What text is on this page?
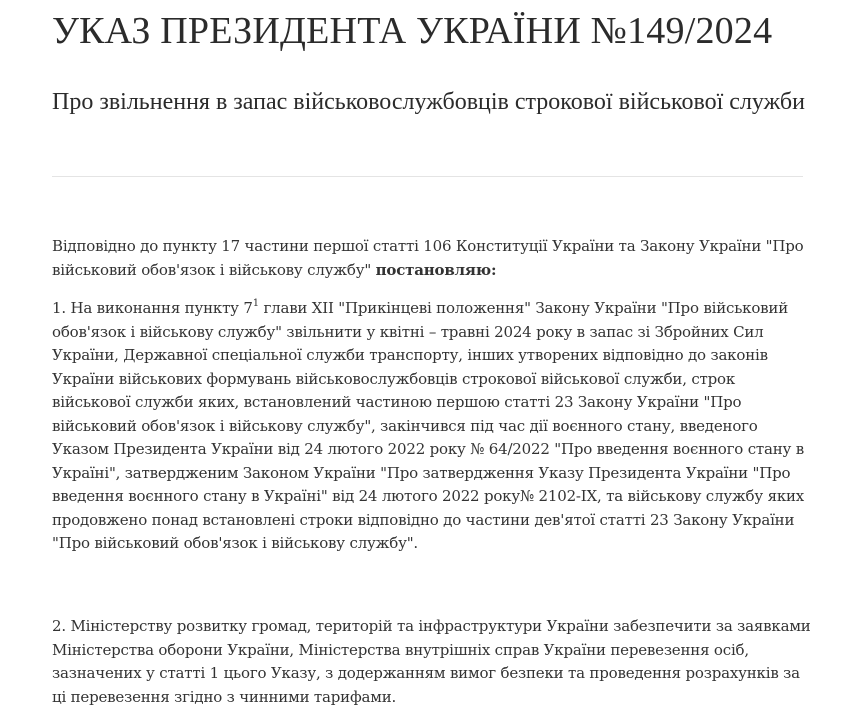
УКАЗ ПРЕЗИДЕНТА УКРАЇНИ №149/2024
Про звільнення в запас військовослужбовців строкової військової служби

Відповідно до пункту 17 частини першої статті 106 Конституції України та Закону України "Про військовий обов'язок і військову службу" постановляю:

1. На виконання пункту $7^1$ глави XII "Прикінцеві положення" Закону України "Про військовий обов'язок і військову службу" звільнити у квітні – травні 2024 року в запас зі Збройних Сил України, Державної спеціальної служби транспорту, інших утворених відповідно до законів України військових формувань військовослужбовців строкової військової служби, строк військової служби яких, встановлений частиною першою статті 23 Закону України "Про військовий обов'язок і військову службу", закінчився під час дії воєнного стану, введеного Указом Президента України від 24 лютого 2022 року № 64/2022 "Про введення воєнного стану в Україні", затвердженим Законом України "Про затвердження Указу Президента України "Про введення воєнного стану в Україні" від 24 лютого 2022 року№ 2102-IX, та військову службу яких продовжено понад встановлені строки відповідно до частини дев'ятої статті 23 Закону України "Про військовий обов'язок і військову службу".

2. Міністерству розвитку громад, територій та інфраструктури України забезпечити за заявками Міністерства оборони України, Міністерства внутрішніх справ України перевезення осіб, зазначених у статті 1 цього Указу, з додержанням вимог безпеки та проведення розрахунків за ці перевезення згідно з чинними тарифами.
